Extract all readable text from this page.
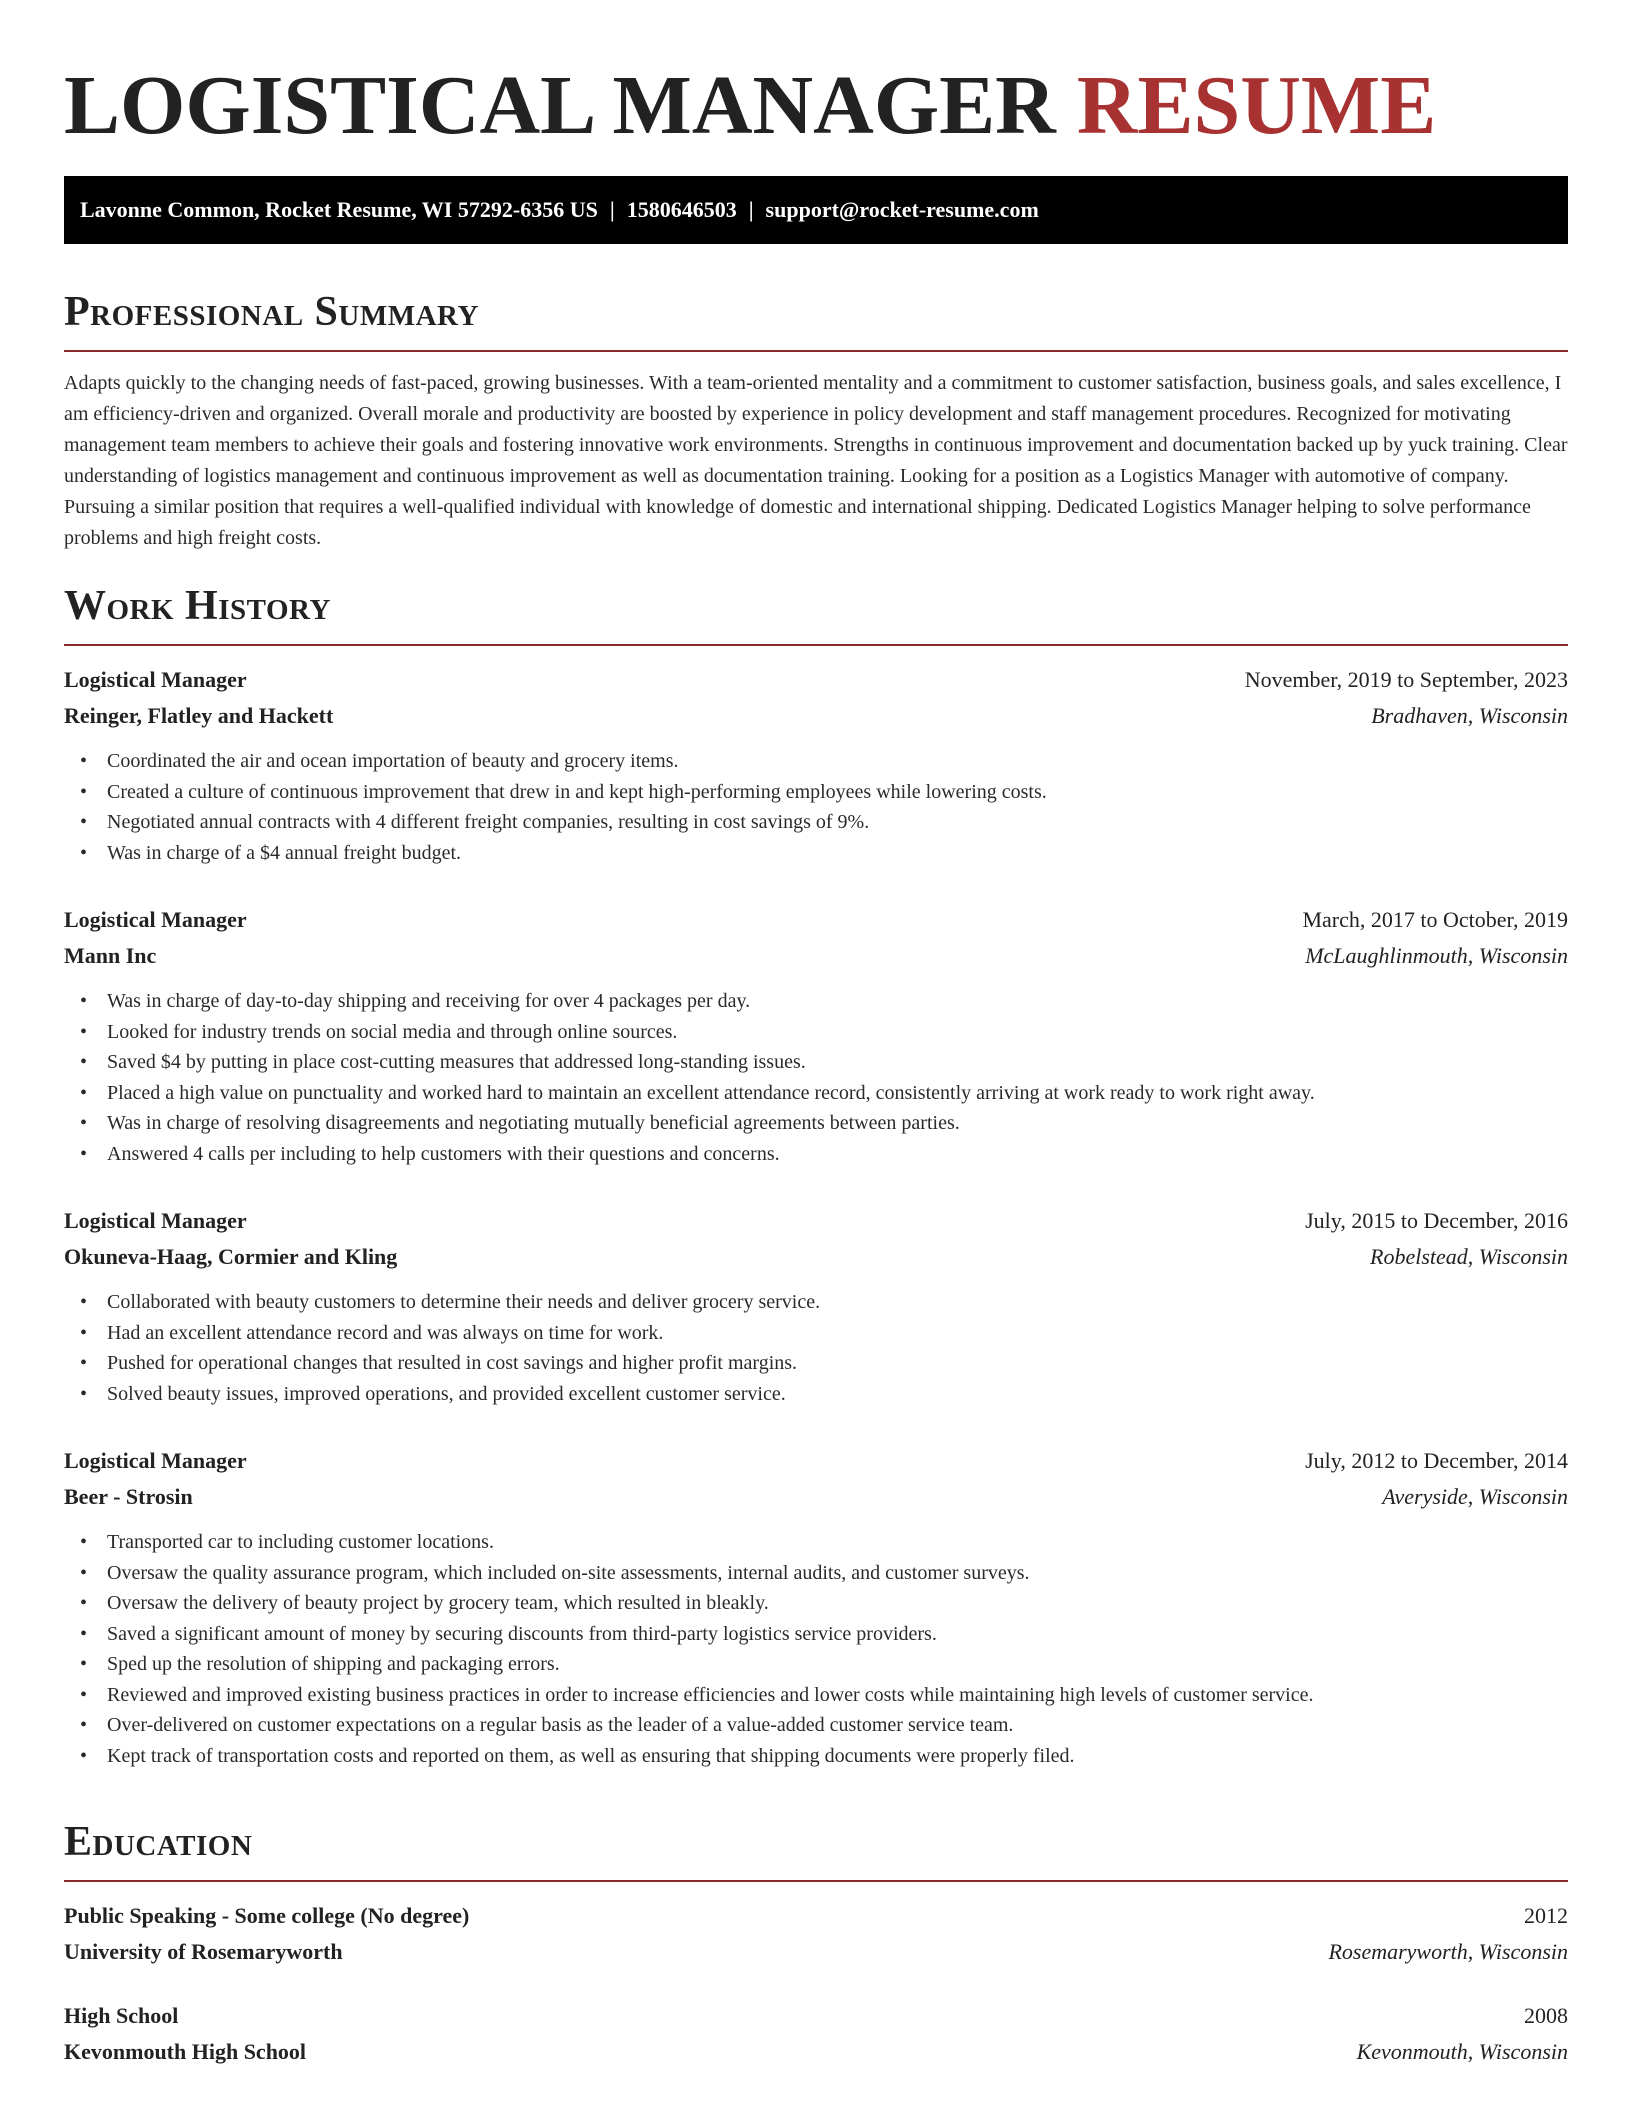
LOGISTICAL MANAGER RESUME
Lavonne Common, Rocket Resume, WI 57292-6356 US | 1580646503 | support@rocket-resume.com
Professional Summary

Adapts quickly to the changing needs of fast-paced, growing businesses. With a team-oriented mentality and a commitment to customer satisfaction, business goals, and sales excellence, I am efficiency-driven and organized. Overall morale and productivity are boosted by experience in policy development and staff management procedures. Recognized for motivating management team members to achieve their goals and fostering innovative work environments. Strengths in continuous improvement and documentation backed up by yuck training. Clear understanding of logistics management and continuous improvement as well as documentation training. Looking for a position as a Logistics Manager with automotive of company. Pursuing a similar position that requires a well-qualified individual with knowledge of domestic and international shipping. Dedicated Logistics Manager helping to solve performance problems and high freight costs.

Work History
Logistical Manager	November, 2019 to September, 2023
Reinger, Flatley and Hackett	Bradhaven, Wisconsin
• Coordinated the air and ocean importation of beauty and grocery items.
• Created a culture of continuous improvement that drew in and kept high-performing employees while lowering costs.
• Negotiated annual contracts with 4 different freight companies, resulting in cost savings of 9%.
• Was in charge of a $4 annual freight budget.
Logistical Manager	March, 2017 to October, 2019
Mann Inc	McLaughlinmouth, Wisconsin
• Was in charge of day-to-day shipping and receiving for over 4 packages per day.
• Looked for industry trends on social media and through online sources.
• Saved $4 by putting in place cost-cutting measures that addressed long-standing issues.
• Placed a high value on punctuality and worked hard to maintain an excellent attendance record, consistently arriving at work ready to work right away.
• Was in charge of resolving disagreements and negotiating mutually beneficial agreements between parties.
• Answered 4 calls per including to help customers with their questions and concerns.
Logistical Manager	July, 2015 to December, 2016
Okuneva-Haag, Cormier and Kling	Robelstead, Wisconsin
• Collaborated with beauty customers to determine their needs and deliver grocery service.
• Had an excellent attendance record and was always on time for work.
• Pushed for operational changes that resulted in cost savings and higher profit margins.
• Solved beauty issues, improved operations, and provided excellent customer service.
Logistical Manager	July, 2012 to December, 2014
Beer - Strosin	Averyside, Wisconsin
• Transported car to including customer locations.
• Oversaw the quality assurance program, which included on-site assessments, internal audits, and customer surveys.
• Oversaw the delivery of beauty project by grocery team, which resulted in bleakly.
• Saved a significant amount of money by securing discounts from third-party logistics service providers.
• Sped up the resolution of shipping and packaging errors.
• Reviewed and improved existing business practices in order to increase efficiencies and lower costs while maintaining high levels of customer service.
• Over-delivered on customer expectations on a regular basis as the leader of a value-added customer service team.
• Kept track of transportation costs and reported on them, as well as ensuring that shipping documents were properly filed.
Education
Public Speaking - Some college (No degree)	2012
University of Rosemaryworth	Rosemaryworth, Wisconsin
High School	2008
Kevonmouth High School	Kevonmouth, Wisconsin
